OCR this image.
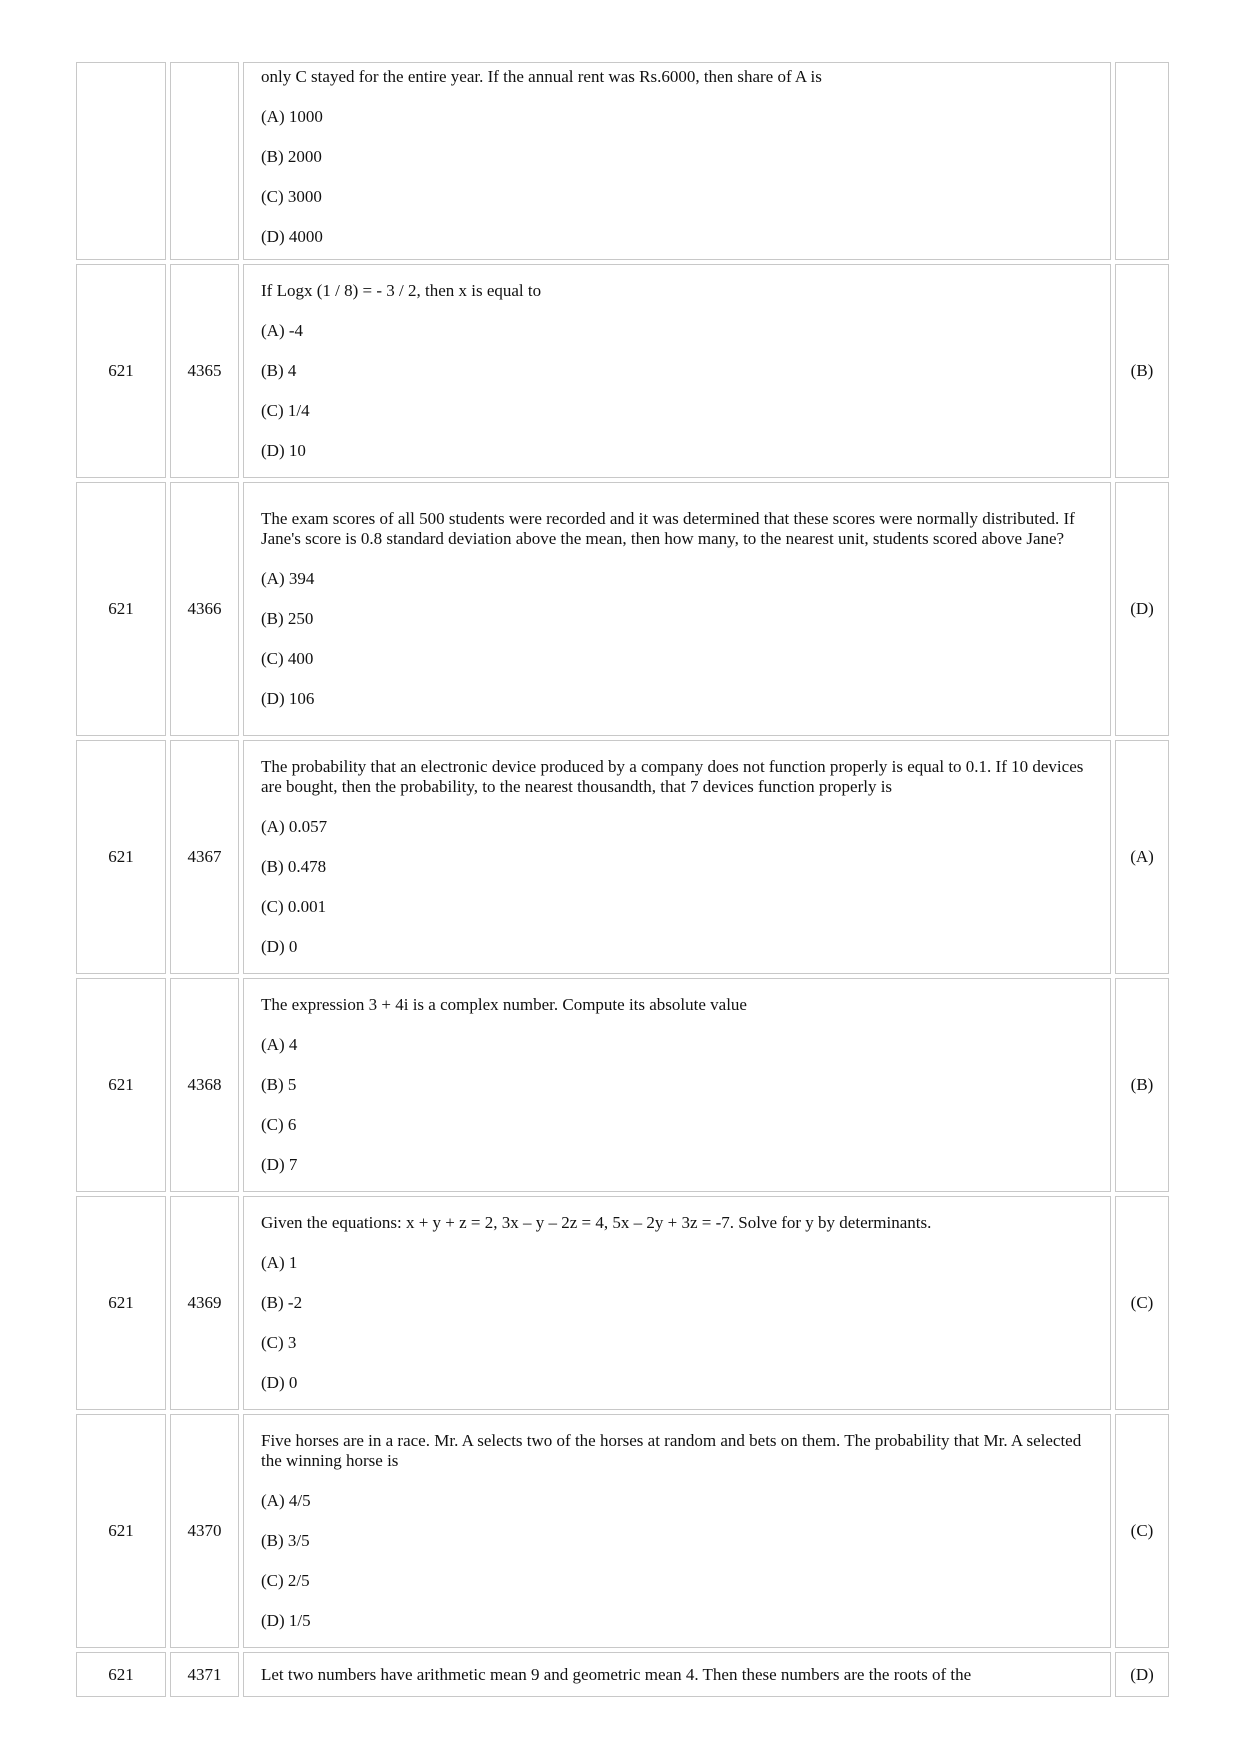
		only C stayed for the entire year. If the annual rent was Rs.6000, then share of A is

(A) 1000

(B) 2000

(C) 3000

(D) 4000	

621	4365	If Logx (1 / 8) = - 3 / 2, then x is equal to

(A) -4

(B) 4

(C) 1/4

(D) 10	(B)
621	4366	The exam scores of all 500 students were recorded and it was determined that these scores were normally distributed. If Jane's score is 0.8 standard deviation above the mean, then how many, to the nearest unit, students scored above Jane?

(A) 394

(B) 250

(C) 400

(D) 106	(D)
621	4367	The probability that an electronic device produced by a company does not function properly is equal to 0.1. If 10 devices are bought, then the probability, to the nearest thousandth, that 7 devices function properly is

(A) 0.057

(B) 0.478

(C) 0.001

(D) 0	(A)
621	4368	The expression 3 + 4i is a complex number. Compute its absolute value

(A) 4

(B) 5

(C) 6

(D) 7	(B)
621	4369	Given the equations: x + y + z = 2, 3x – y – 2z = 4, 5x – 2y + 3z = -7. Solve for y by determinants.

(A) 1

(B) -2

(C) 3

(D) 0	(C)
621	4370	Five horses are in a race. Mr. A selects two of the horses at random and bets on them. The probability that Mr. A selected the winning horse is

(A) 4/5

(B) 3/5

(C) 2/5

(D) 1/5	(C)
621	4371	Let two numbers have arithmetic mean 9 and geometric mean 4. Then these numbers are the roots of the	(D)
